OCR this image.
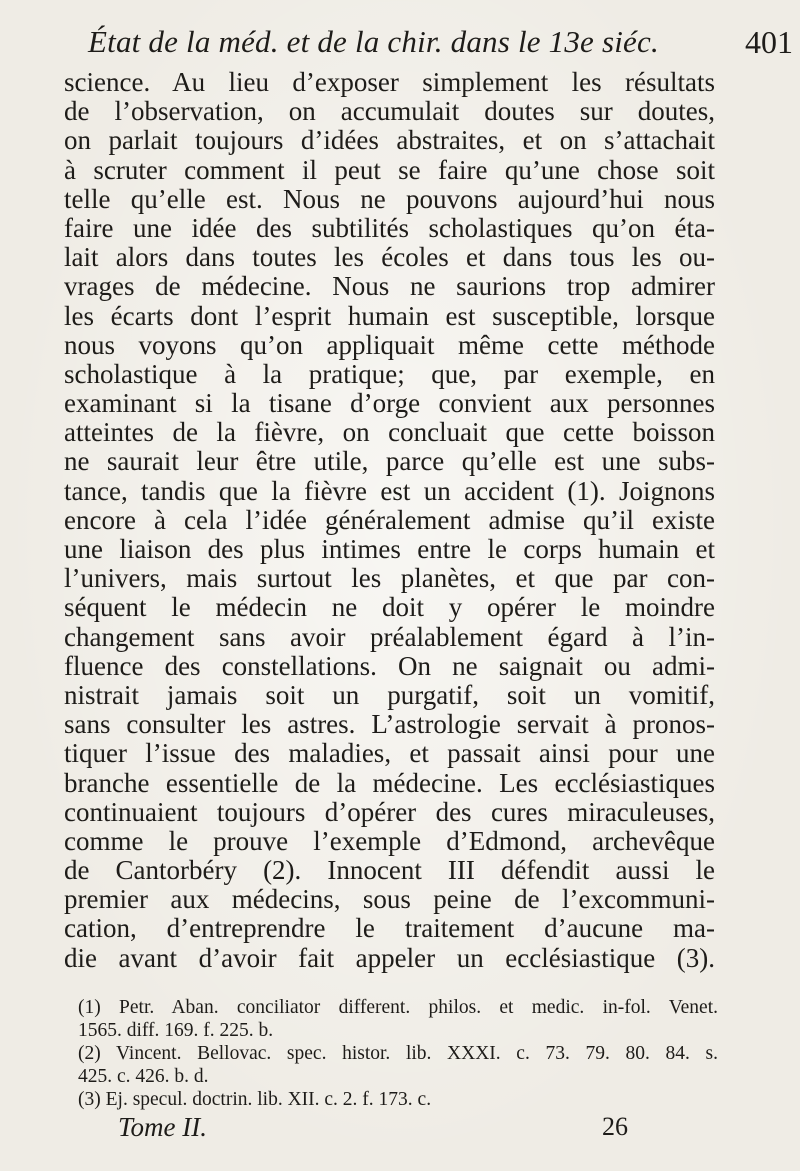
État de la méd. et de la chir. dans le 13e siéc.	401
science. Au lieu d’exposer simplement les résultats
de l’observation, on accumulait doutes sur doutes,
on parlait toujours d’idées abstraites, et on s’attachait
à scruter comment il peut se faire qu’une chose soit
telle qu’elle est. Nous ne pouvons aujourd’hui nous
faire une idée des subtilités scholastiques qu’on éta-
lait alors dans toutes les écoles et dans tous les ou-
vrages de médecine. Nous ne saurions trop admirer
les écarts dont l’esprit humain est susceptible, lorsque
nous voyons qu’on appliquait même cette méthode
scholastique à la pratique; que, par exemple, en
examinant si la tisane d’orge convient aux personnes
atteintes de la fièvre, on concluait que cette boisson
ne saurait leur être utile, parce qu’elle est une subs-
tance, tandis que la fièvre est un accident (1). Joignons
encore à cela l’idée généralement admise qu’il existe
une liaison des plus intimes entre le corps humain et
l’univers, mais surtout les planètes, et que par con-
séquent le médecin ne doit y opérer le moindre
changement sans avoir préalablement égard à l’in-
fluence des constellations. On ne saignait ou admi-
nistrait jamais soit un purgatif, soit un vomitif,
sans consulter les astres. L’astrologie servait à pronos-
tiquer l’issue des maladies, et passait ainsi pour une
branche essentielle de la médecine. Les ecclésiastiques
continuaient toujours d’opérer des cures miraculeuses,
comme le prouve l’exemple d’Edmond, archevêque
de Cantorbéry (2). Innocent III défendit aussi le
premier aux médecins, sous peine de l’excommuni-
cation, d’entreprendre le traitement d’aucune ma-
die avant d’avoir fait appeler un ecclésiastique (3).
(1) Petr. Aban. conciliator different. philos. et medic. in-fol. Venet.
1565. diff. 169. f. 225. b.
(2) Vincent. Bellovac. spec. histor. lib. XXXI. c. 73. 79. 80. 84. s.
425. c. 426. b. d.
(3) Ej. specul. doctrin. lib. XII. c. 2. f. 173. c.
Tome II.	26
